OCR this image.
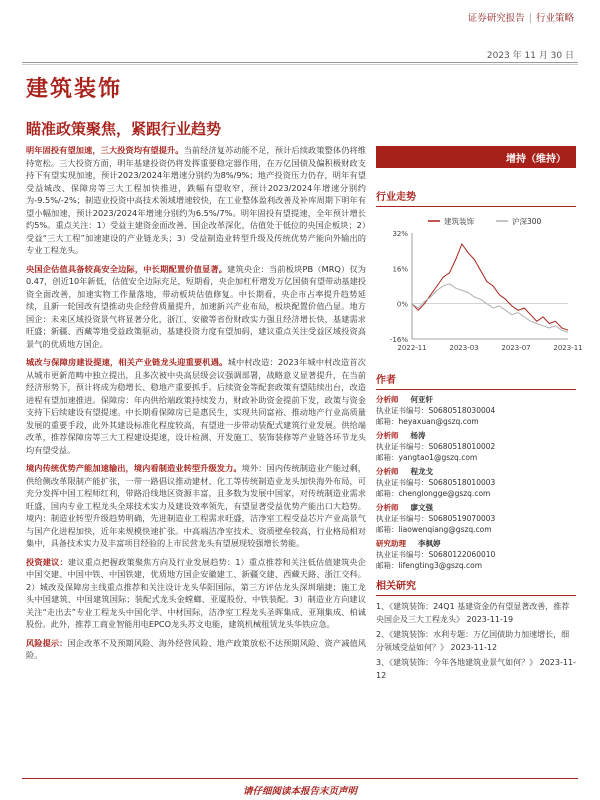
证券研究报告 | 行业策略
2023 年 11 月 30 日
建筑装饰
瞄准政策聚焦，紧跟行业趋势

明年固投有望加速，三大投资均有望提升。当前经济复苏动能不足，预计后续政策整体仍将维持宽松。三大投资方面，明年基建投资仍将发挥重要稳定器作用，在万亿国债及偏积极财政支持下有望实现加速，预计2023/2024年增速分别约为8%/9%；地产投资压力仍存，明年有望受益城改、保障房等三大工程加快推进，跌幅有望收窄，预计2023/2024年增速分别约为-9.5%/-2%；制造业投资中高技术领域增速较快，在工业整体盈利改善及补库周期下明年有望小幅加速，预计2023/2024年增速分别约为6.5%/7%。明年固投有望提速，全年预计增长约5%。重点关注：1）受益主建资金面改善、国企改革深化，估值处于低位的央国企板块；2）受益“三大工程”加速建设的产业链龙头；3）受益制造业转型升级及传统优势产能向外输出的专业工程龙头。

央国企估值具备较高安全边际，中长期配置价值显著。建筑央企：当前板块PB（MRQ）仅为0.47，创近10年新低，估值安全边际充足，短期看，央企加杠杆增发万亿国债有望带动基建投资全面改善，加速实物工作量落地，带动板块估值修复。中长期看，央企市占率提升趋势延续，且新一轮国改有望推动央企经营质量提升，加速新兴产业布局，板块配置价值凸显。地方国企：未来区域投资景气将显著分化，浙江、安徽等省份财政实力强且经济增长快，基建需求旺盛；新疆、西藏等地受益政策驱动，基建投资力度有望加码，建议重点关注受益区域投资高景气的优质地方国企。

城改与保障房建设提速，相关产业链龙头迎重要机遇。城中村改造：2023年城中村改造首次从城市更新范畴中独立提出，且多次被中央高层级会议强调部署，战略意义显著提升，在当前经济形势下，预计将成为稳增长、稳地产重要抓手。后续资金等配套政策有望陆续出台，改造进程有望加速推进。保障房：年内供给端政策持续发力，财政补助资金提前下发，政策与资金支持下后续建设有望提速。中长期看保障房已是惠民生，实现共同富裕、推动地产行业高质量发展的重要手段，此外其建设标准化程度较高，有望进一步带动装配式建筑行业发展。供给端改革，推荐保障房等三大工程建设提速，设计检测、开发施工、装饰装修等产业链各环节龙头均有望受益。

境内传统优势产能加速输出，境内看制造业转型升级发力。境外：国内传统制造业产能过剩，供给侧改革限制产能扩张，一带一路倡议推动建材、化工等传统制造业龙头加快海外布局，可充分发挥中国工程师红利，带路沿线地区资源丰富，且多数为发展中国家，对传统制造业需求旺盛，国内专业工程龙头全球技术实力及建设效率领先，有望显著受益优势产能出口大趋势。境内：制造业转型升级趋势明确，先进制造业工程需求旺盛，洁净室工程受益芯片产业高景气与国产化进程加快，近年来规模快速扩张。中高端洁净室技术、资质壁垒较高，行业格局相对集中，具备技术实力及丰富项目经验的上市民营龙头有望展现较强增长势能。

投资建议：建议重点把握政策聚焦方向及行业发展趋势：1）重点推荐和关注低估值建筑央企中国交建、中国中铁、中国铁建，优质地方国企安徽建工、新疆交建、西藏天路、浙江交科。2）城改及保障房主线重点推荐和关注设计龙头华阳国际，第三方评估龙头深圳瑞捷；施工龙头中国建筑、中国建筑国际；装配式龙头金螳螂、亚厦股份、中铁装配。3）制造业方向建议关注“走出去”专业工程龙头中国化学、中材国际，洁净室工程龙头圣晖集成、亚翔集成、柏诚股份。此外，推荐工商业智能用电EPCO龙头苏文电能，建筑机械租赁龙头华铁应急。

风险提示：国企改革不及预期风险、海外经营风险、地产政策放松不达预期风险、资产减值风险。

增持（维持）
行业走势
-16%
0%
16%
32%
2022-11	2023-03	2023-07	2023-11
建筑装饰	沪深300
作者
分析师 何亚轩
执业证书编号：S0680518030004
邮箱：heyaxuan@gszq.com
分析师 杨涛
执业证书编号：S0680518010002
邮箱：yangtao1@gszq.com
分析师 程龙戈
执业证书编号：S0680518010003
邮箱：chenglongge@gszq.com
分析师 廖文强
执业证书编号：S0680519070003
邮箱：liaowenqiang@gszq.com
研究助理 李枫婷
执业证书编号：S0680122060010
邮箱：lifengting3@gszq.com
相关研究

1、《建筑装饰：24Q1 基建资金仍有望显著改善，推荐央国企及三大工程龙头》 2023-11-19

2、《建筑装饰：水利专题：万亿国债助力加速增长，细分领域受益如何？》 2023-11-12

3、《建筑装饰：今年各地建筑业景气如何？》 2023-11-12

请仔细阅读本报告末页声明
